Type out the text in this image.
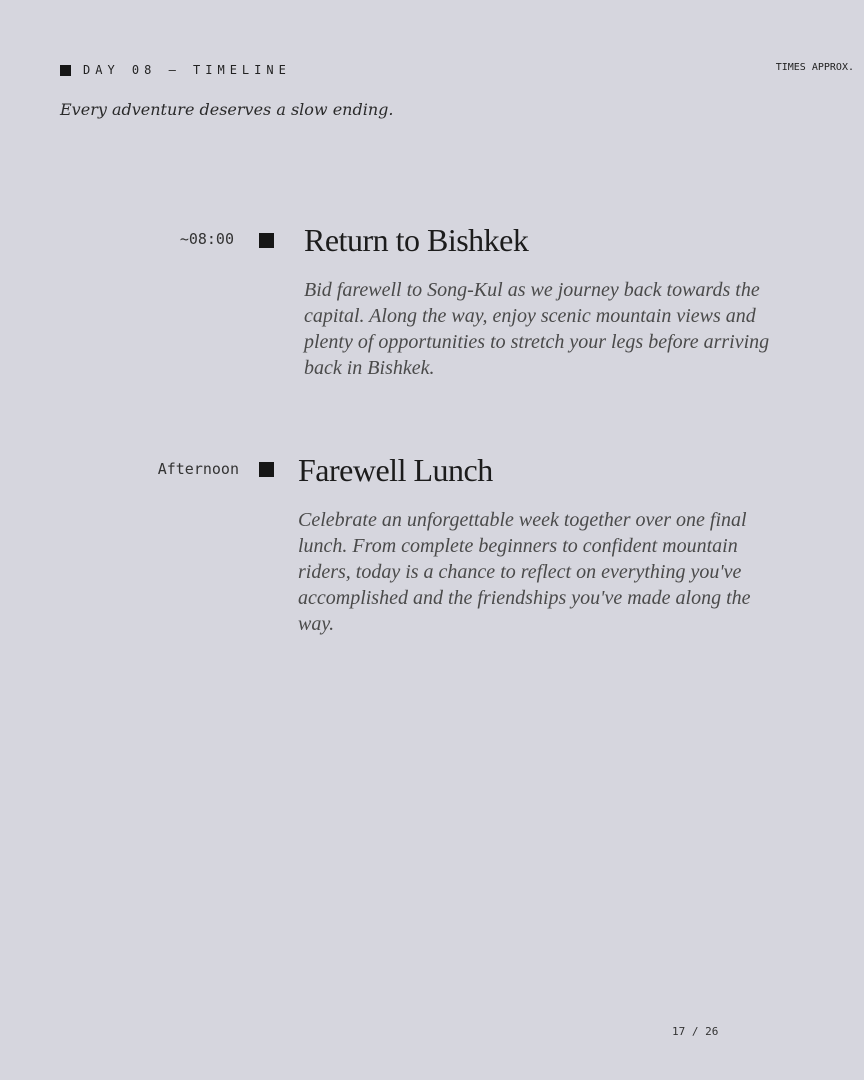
DAY 08 — TIMELINE	TIMES APPROX.
Every adventure deserves a slow ending.
~08:00 Return to Bishkek
Bid farewell to Song-Kul as we journey back towards the capital. Along the way, enjoy scenic mountain views and plenty of opportunities to stretch your legs before arriving back in Bishkek.
Afternoon Farewell Lunch
Celebrate an unforgettable week together over one final lunch. From complete beginners to confident mountain riders, today is a chance to reflect on everything you've accomplished and the friendships you've made along the way.
17 / 26
